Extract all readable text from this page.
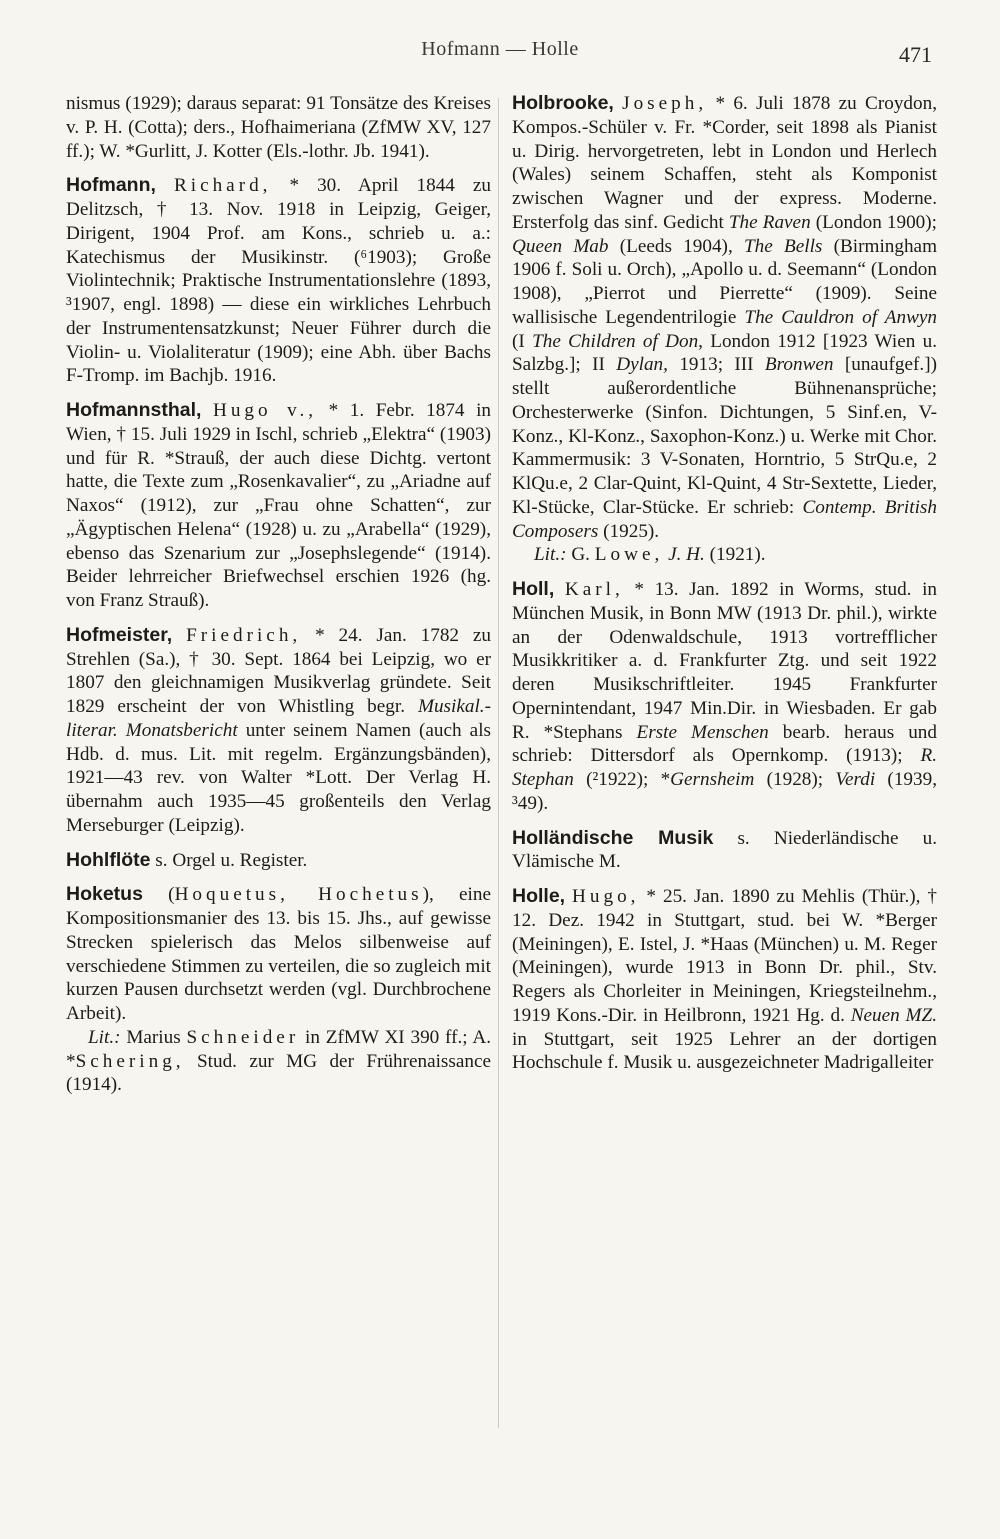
Hofmann — Holle	471

nismus (1929); daraus separat: 91 Tonsätze des Kreises v. P. H. (Cotta); ders., Hofhaimeriana (ZfMW XV, 127 ff.); W. *Gurlitt, J. Kotter (Els.-lothr. Jb. 1941).

Hofmann, Richard, * 30. April 1844 zu Delitzsch, † 13. Nov. 1918 in Leipzig, Geiger, Dirigent, 1904 Prof. am Kons., schrieb u. a.: Katechismus der Musikinstr. (⁶1903); Große Violintechnik; Praktische Instrumentationslehre (1893, ³1907, engl. 1898) — diese ein wirkliches Lehrbuch der Instrumentensatzkunst; Neuer Führer durch die Violin- u. Violaliteratur (1909); eine Abh. über Bachs F-Tromp. im Bachjb. 1916.

Hofmannsthal, Hugo v., * 1. Febr. 1874 in Wien, † 15. Juli 1929 in Ischl, schrieb „Elektra“ (1903) und für R. *Strauß, der auch diese Dichtg. vertont hatte, die Texte zum „Rosenkavalier“, zu „Ariadne auf Naxos“ (1912), zur „Frau ohne Schatten“, zur „Ägyptischen Helena“ (1928) u. zu „Arabella“ (1929), ebenso das Szenarium zur „Josephslegende“ (1914). Beider lehrreicher Briefwechsel erschien 1926 (hg. von Franz Strauß).

Hofmeister, Friedrich, * 24. Jan. 1782 zu Strehlen (Sa.), † 30. Sept. 1864 bei Leipzig, wo er 1807 den gleichnamigen Musikverlag gründete. Seit 1829 erscheint der von Whistling begr. Musikal.-literar. Monatsbericht unter seinem Namen (auch als Hdb. d. mus. Lit. mit regelm. Ergänzungsbänden), 1921—43 rev. von Walter *Lott. Der Verlag H. übernahm auch 1935—45 großenteils den Verlag Merseburger (Leipzig).

Hohlflöte s. Orgel u. Register.

Hoketus (Hoquetus, Hochetus), eine Kompositionsmanier des 13. bis 15. Jhs., auf gewisse Strecken spielerisch das Melos silbenweise auf verschiedene Stimmen zu verteilen, die so zugleich mit kurzen Pausen durchsetzt werden (vgl. Durchbrochene Arbeit).
Lit.: Marius Schneider in ZfMW XI 390 ff.; A. *Schering, Stud. zur MG der Frührenaissance (1914).

Holbrooke, Joseph, * 6. Juli 1878 zu Croydon, Kompos.-Schüler v. Fr. *Corder, seit 1898 als Pianist u. Dirig. hervorgetreten, lebt in London und Herlech (Wales) seinem Schaffen, steht als Komponist zwischen Wagner und der express. Moderne. Ersterfolg das sinf. Gedicht The Raven (London 1900); Queen Mab (Leeds 1904), The Bells (Birmingham 1906 f. Soli u. Orch), „Apollo u. d. Seemann“ (London 1908), „Pierrot und Pierrette“ (1909). Seine wallisische Legendentrilogie The Cauldron of Anwyn (I The Children of Don, London 1912 [1923 Wien u. Salzbg.]; II Dylan, 1913; III Bronwen [unaufgef.]) stellt außerordentliche Bühnenansprüche; Orchesterwerke (Sinfon. Dichtungen, 5 Sinf.en, V-Konz., Kl-Konz., Saxophon-Konz.) u. Werke mit Chor. Kammermusik: 3 V-Sonaten, Horntrio, 5 StrQu.e, 2 KlQu.e, 2 Clar-Quint, Kl-Quint, 4 Str-Sextette, Lieder, Kl-Stücke, Clar-Stücke. Er schrieb: Contemp. British Composers (1925).
Lit.: G. Lowe, J. H. (1921).

Holl, Karl, * 13. Jan. 1892 in Worms, stud. in München Musik, in Bonn MW (1913 Dr. phil.), wirkte an der Odenwaldschule, 1913 vortrefflicher Musikkritiker a. d. Frankfurter Ztg. und seit 1922 deren Musikschriftleiter. 1945 Frankfurter Opernintendant, 1947 Min.Dir. in Wiesbaden. Er gab R. *Stephans Erste Menschen bearb. heraus und schrieb: Dittersdorf als Opernkomp. (1913); R. Stephan (²1922); *Gernsheim (1928); Verdi (1939, ³49).

Holländische Musik s. Niederländische u. Vlämische M.

Holle, Hugo, * 25. Jan. 1890 zu Mehlis (Thür.), † 12. Dez. 1942 in Stuttgart, stud. bei W. *Berger (Meiningen), E. Istel, J. *Haas (München) u. M. Reger (Meiningen), wurde 1913 in Bonn Dr. phil., Stv. Regers als Chorleiter in Meiningen, Kriegsteilnehm., 1919 Kons.-Dir. in Heilbronn, 1921 Hg. d. Neuen MZ. in Stuttgart, seit 1925 Lehrer an der dortigen Hochschule f. Musik u. ausgezeichneter Madrigalleiter
